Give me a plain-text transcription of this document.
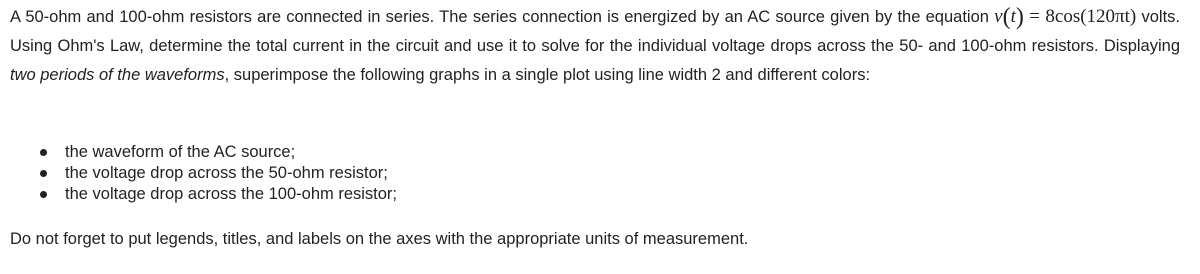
A 50-ohm and 100-ohm resistors are connected in series. The series connection is energized by an AC source given by the equation v(t) = 8cos(120πt) volts. Using Ohm's Law, determine the total current in the circuit and use it to solve for the individual voltage drops across the 50- and 100-ohm resistors. Displaying two periods of the waveforms, superimpose the following graphs in a single plot using line width 2 and different colors:
the waveform of the AC source;
the voltage drop across the 50-ohm resistor;
the voltage drop across the 100-ohm resistor;
Do not forget to put legends, titles, and labels on the axes with the appropriate units of measurement.
